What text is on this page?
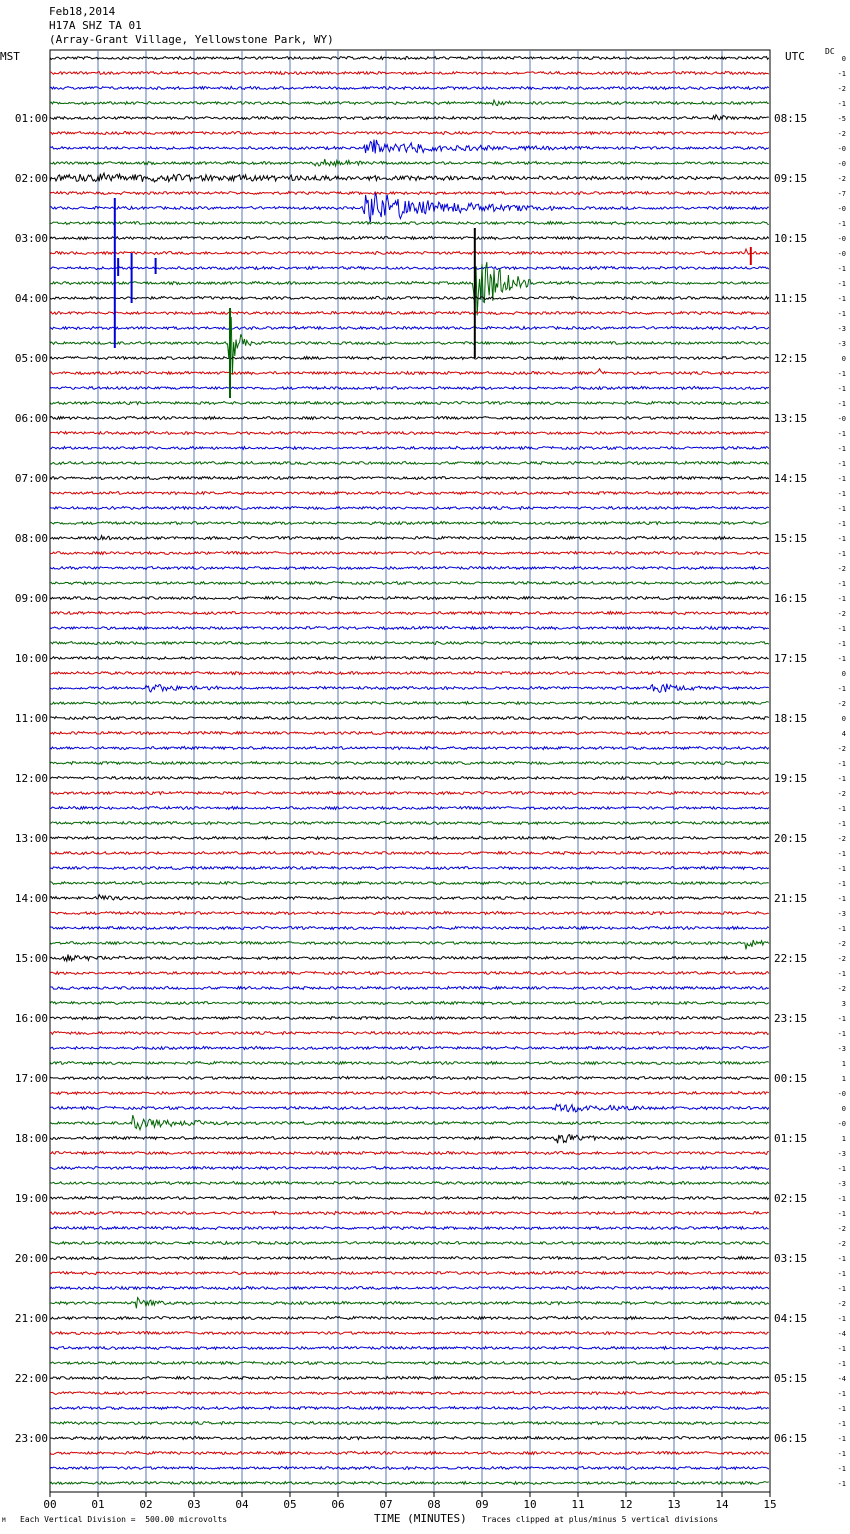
Feb18,2014
H17A SHZ TA 01
(Array-Grant Village, Yellowstone Park, WY)
MST	UTC	DC
0
-1
-2
-1
-5
-2
-0
-0
-2
-7
-0
-1
-0
-0
-1
-1
-1
-1
-3
-3
0
-1
-1
-1
-0
-1
-1
-1
-1
-1
-1
-1
-1
-1
-2
-1
-1
-2
-1
-1
-1
0
-1
-2
0
4
-2
-1
-1
-2
-1
-1
-2
-1
-1
-1
-1
-3
-1
-2
-2
-1
-2
3
-1
-1
-3
1
1
-0
0
-0
1
-3
-1
-3
-1
-1
-2
-2
-1
-1
-1
-2
-1
-4
-1
-1
-4
-1
-1
-1
-1
-1
-1
-1
01:00
02:00
03:00
04:00
05:00
06:00
07:00
08:00
09:00
10:00
11:00
12:00
13:00
14:00
15:00
16:00
17:00
18:00
19:00
20:00
21:00
22:00
23:00
08:15
09:15
10:15
11:15
12:15
13:15
14:15
15:15
16:15
17:15
18:15
19:15
20:15
21:15
22:15
23:15
00:15
01:15
02:15
03:15
04:15
05:15
06:15
00	01	02	03	04	05	06	07	08	09	10	11	12	13	14	15
M Each Vertical Division =  500.00 microvolts	TIME (MINUTES) Traces clipped at plus/minus 5 vertical divisions
